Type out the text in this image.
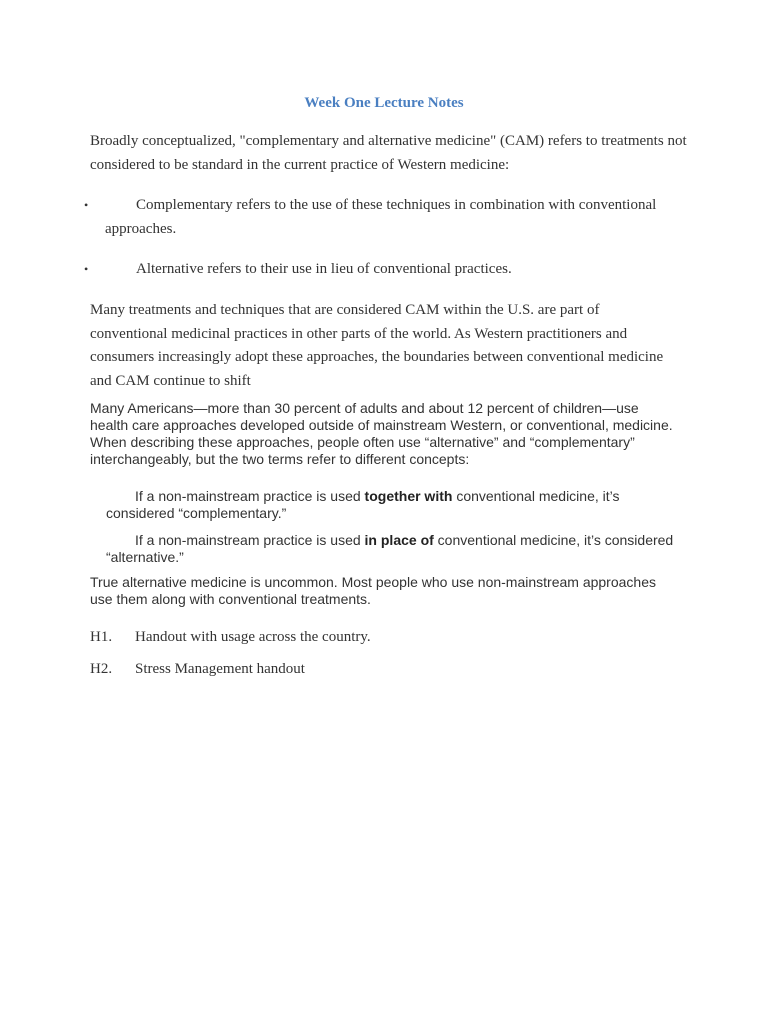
Week One Lecture Notes
Broadly conceptualized, "complementary and alternative medicine" (CAM) refers to treatments not considered to be standard in the current practice of Western medicine:
•	Complementary refers to the use of these techniques in combination with conventional approaches.
•	Alternative refers to their use in lieu of conventional practices.
Many treatments and techniques that are considered CAM within the U.S. are part of conventional medicinal practices in other parts of the world. As Western practitioners and consumers increasingly adopt these approaches, the boundaries between conventional medicine and CAM continue to shift
Many Americans—more than 30 percent of adults and about 12 percent of children—use health care approaches developed outside of mainstream Western, or conventional, medicine. When describing these approaches, people often use “alternative” and “complementary” interchangeably, but the two terms refer to different concepts:
If a non-mainstream practice is used together with conventional medicine, it’s considered “complementary.”
If a non-mainstream practice is used in place of conventional medicine, it’s considered “alternative.”
True alternative medicine is uncommon. Most people who use non-mainstream approaches use them along with conventional treatments.
H1. Handout with usage across the country.
H2. Stress Management handout
